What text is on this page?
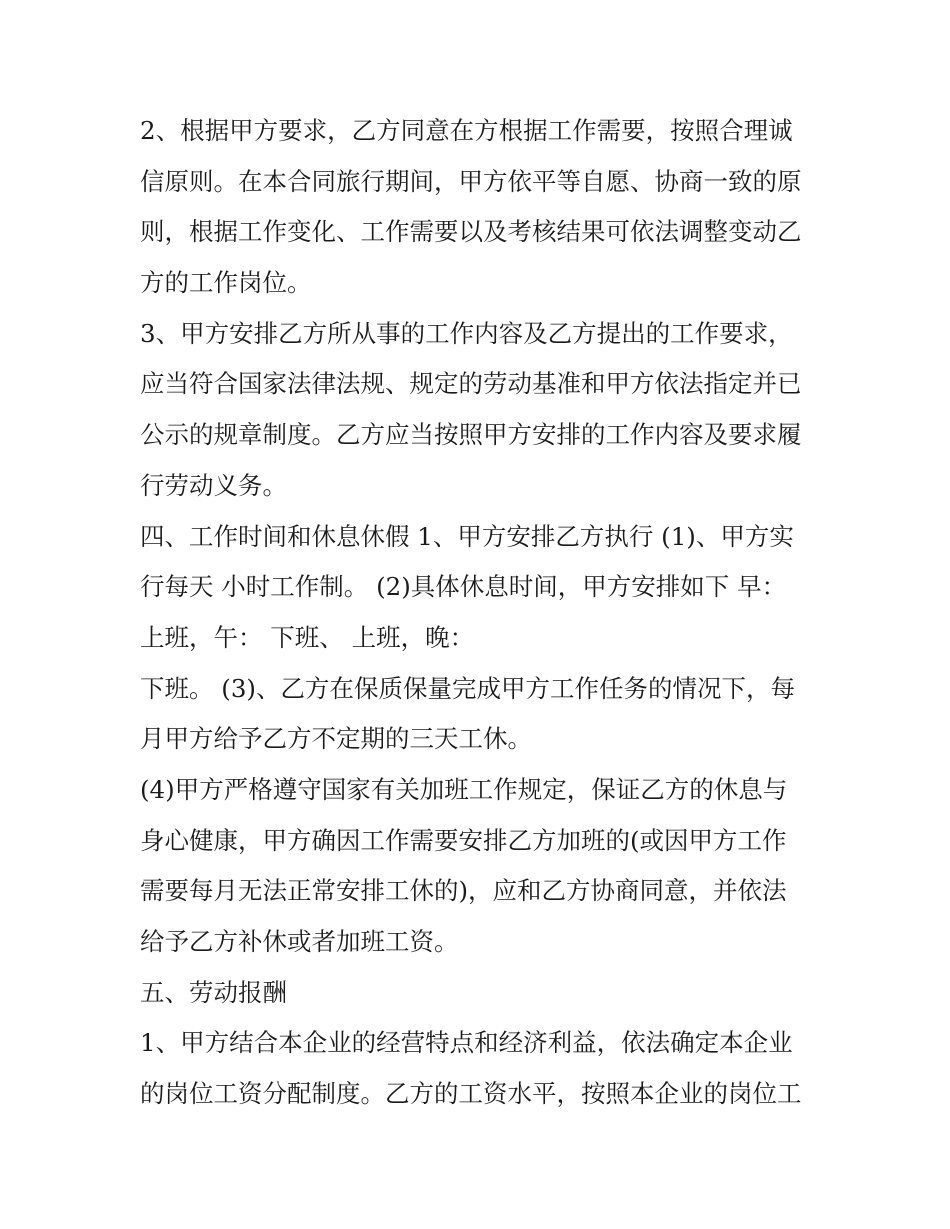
2、根据甲方要求，乙方同意在方根据工作需要，按照合理诚
信原则。在本合同旅行期间，甲方依平等自愿、协商一致的原
则，根据工作变化、工作需要以及考核结果可依法调整变动乙
方的工作岗位。
3、甲方安排乙方所从事的工作内容及乙方提出的工作要求，
应当符合国家法律法规、规定的劳动基准和甲方依法指定并已
公示的规章制度。乙方应当按照甲方安排的工作内容及要求履
行劳动义务。
四、工作时间和休息休假 1、甲方安排乙方执行 (1)、甲方实
行每天 小时工作制。 (2)具体休息时间，甲方安排如下 早：
上班，午： 下班、 上班，晚：
下班。 (3)、乙方在保质保量完成甲方工作任务的情况下，每
月甲方给予乙方不定期的三天工休。
(4)甲方严格遵守国家有关加班工作规定，保证乙方的休息与
身心健康，甲方确因工作需要安排乙方加班的(或因甲方工作
需要每月无法正常安排工休的)，应和乙方协商同意，并依法
给予乙方补休或者加班工资。
五、劳动报酬
1、甲方结合本企业的经营特点和经济利益，依法确定本企业
的岗位工资分配制度。乙方的工资水平，按照本企业的岗位工
